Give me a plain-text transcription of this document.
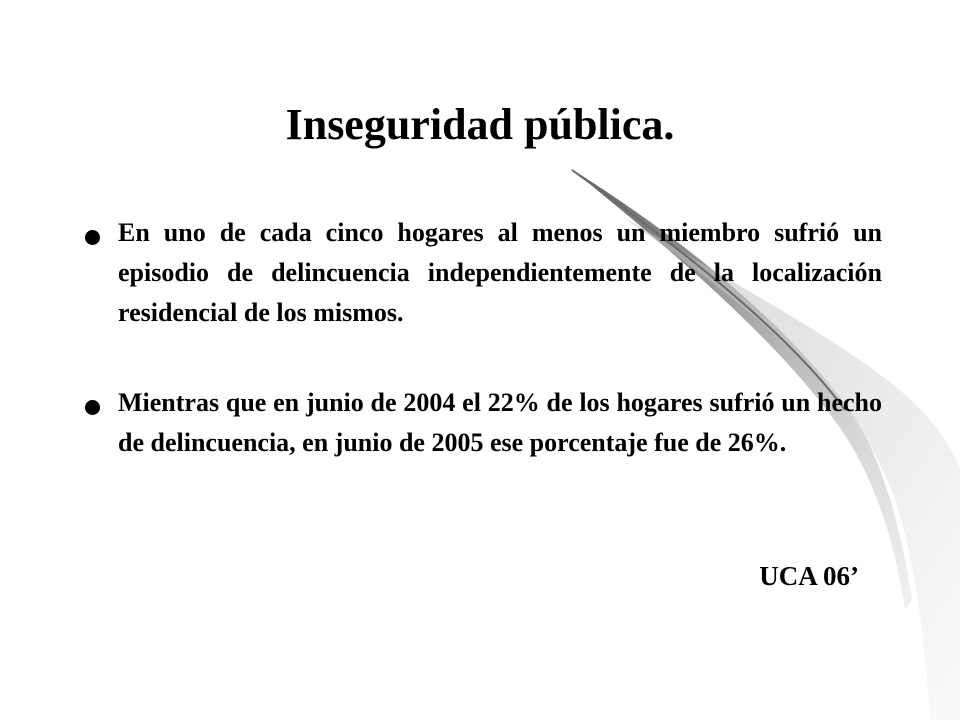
Inseguridad pública.

En uno de cada cinco hogares al menos un miembro sufrió un episodio de delincuencia independientemente de la localización residencial de los mismos.

Mientras que en junio de 2004 el 22% de los hogares sufrió un hecho de delincuencia, en junio de 2005 ese porcentaje fue de 26%.

UCA 06’
